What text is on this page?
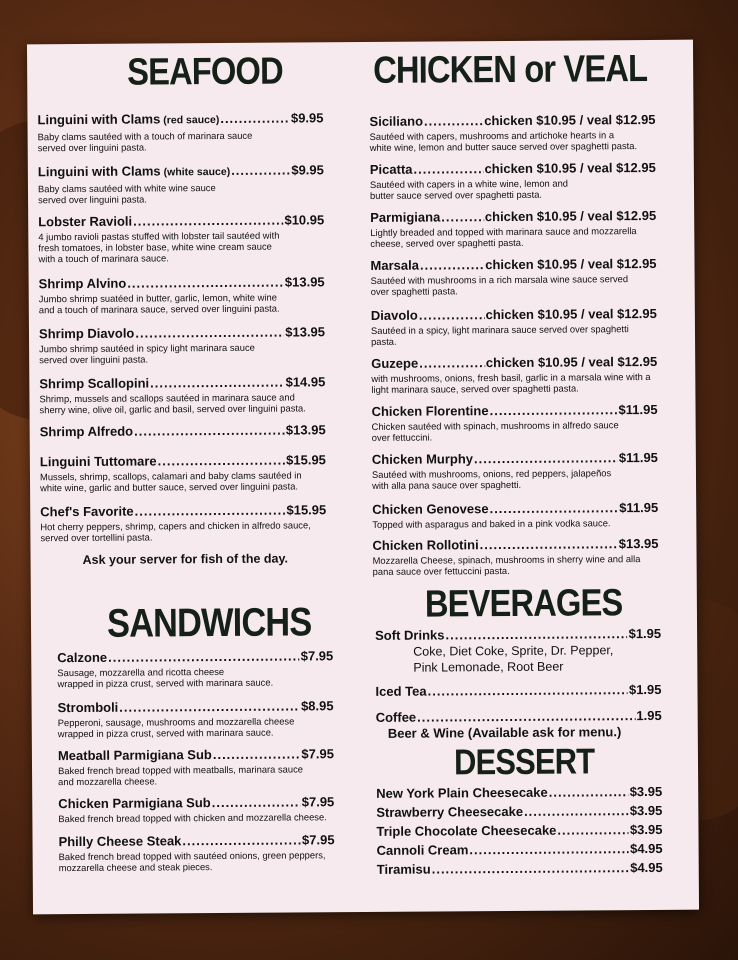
SEAFOOD
Linguini with Clams (red sauce) .....	$9.95
Baby clams sautéed with a touch of marinara sauce
served over linguini pasta.
Linguini with Clams (white sauce) .....	$9.95
Baby clams sautéed with white wine sauce
served over linguini pasta.
Lobster Ravioli .....	$10.95
4 jumbo ravioli pastas stuffed with lobster tail sautéed with
fresh tomatoes, in lobster base, white wine cream sauce
with a touch of marinara sauce.
Shrimp Alvino .....	$13.95
Jumbo shrimp suatéed in butter, garlic, lemon, white wine
and a touch of marinara sauce, served over linguini pasta.
Shrimp Diavolo .....	$13.95
Jumbo shrimp sautéed in spicy light marinara sauce
served over linguini pasta.
Shrimp Scallopini .....	$14.95
Shrimp, mussels and scallops sautéed in marinara sauce and
sherry wine, olive oil, garlic and basil, served over linguini pasta.
Shrimp Alfredo .....	$13.95
Linguini Tuttomare .....	$15.95
Mussels, shrimp, scallops, calamari and baby clams sautéed in
white wine, garlic and butter sauce, served over linguini pasta.
Chef's Favorite .....	$15.95
Hot cherry peppers, shrimp, capers and chicken in alfredo sauce,
served over tortellini pasta.
Ask your server for fish of the day.
SANDWICHS
Calzone .....	$7.95
Sausage, mozzarella and ricotta cheese
wrapped in pizza crust, served with marinara sauce.
Stromboli .....	$8.95
Pepperoni, sausage, mushrooms and mozzarella cheese
wrapped in pizza crust, served with marinara sauce.
Meatball Parmigiana Sub .....	$7.95
Baked french bread topped with meatballs, marinara sauce
and mozzarella cheese.
Chicken Parmigiana Sub .....	$7.95
Baked french bread topped with chicken and mozzarella cheese.
Philly Cheese Steak .....	$7.95
Baked french bread topped with sautéed onions, green peppers,
mozzarella cheese and steak pieces.
CHICKEN or VEAL
Siciliano .....	chicken $10.95 / veal $12.95
Sautéed with capers, mushrooms and artichoke hearts in a
white wine, lemon and butter sauce served over spaghetti pasta.
Picatta .....	chicken $10.95 / veal $12.95
Sautéed with capers in a white wine, lemon and
butter sauce served over spaghetti pasta.
Parmigiana .....	chicken $10.95 / veal $12.95
Lightly breaded and topped with marinara sauce and mozzarella
cheese, served over spaghetti pasta.
Marsala .....	chicken $10.95 / veal $12.95
Sautéed with mushrooms in a rich marsala wine sauce served
over spaghetti pasta.
Diavolo .....	chicken $10.95 / veal $12.95
Sautéed in a spicy, light marinara sauce served over spaghetti
pasta.
Guzepe .....	chicken $10.95 / veal $12.95
with mushrooms, onions, fresh basil, garlic in a marsala wine with a
light marinara sauce, served over spaghetti pasta.
Chicken Florentine .....	$11.95
Chicken sautéed with spinach, mushrooms in alfredo sauce
over fettuccini.
Chicken Murphy .....	$11.95
Sautéed with mushrooms, onions, red peppers, jalapeños
with alla pana sauce over spaghetti.
Chicken Genovese .....	$11.95
Topped with asparagus and baked in a pink vodka sauce.
Chicken Rollotini .....	$13.95
Mozzarella Cheese, spinach, mushrooms in sherry wine and alla
pana sauce over fettuccini pasta.
BEVERAGES
Soft Drinks .....	$1.95
Coke, Diet Coke, Sprite, Dr. Pepper,
Pink Lemonade, Root Beer
Iced Tea .....	$1.95
Coffee .....	1.95
Beer & Wine (Available ask for menu.)
DESSERT
New York Plain Cheesecake .....	$3.95
Strawberry Cheesecake .....	$3.95
Triple Chocolate Cheesecake .....	$3.95
Cannoli Cream .....	$4.95
Tiramisu .....	$4.95
